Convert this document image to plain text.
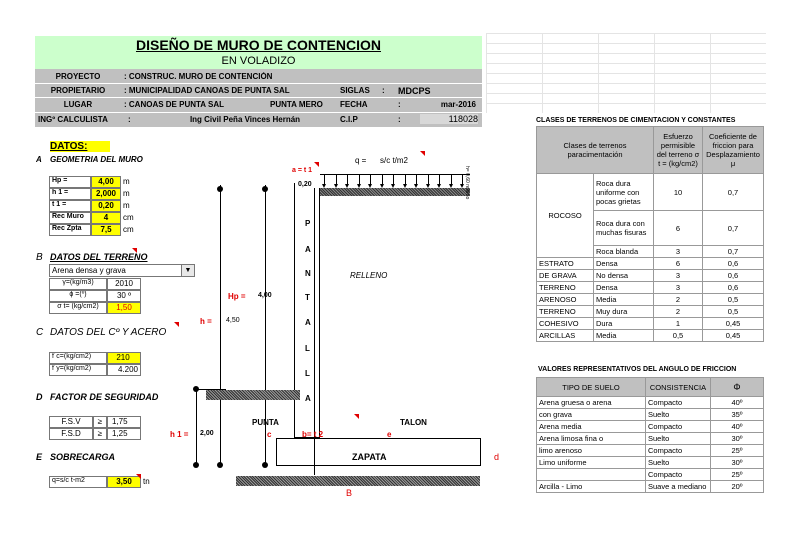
DISEÑO DE MURO DE CONTENCION
EN VOLADIZO
PROYECTO	: CONSTRUC. MURO DE CONTENCIÓN
PROPIETARIO	: MUNICIPALIDAD CANOAS DE PUNTA SAL	SIGLAS	:	MDCPS
LUGAR	: CANOAS DE PUNTA SAL	PUNTA MERO	FECHA	:	mar-2016
INGº CALCULISTA	:	Ing Civil Peña Vinces Hernán	C.I.P	:	118028
DATOS:
A	GEOMETRIA DEL MURO
B DATOS DEL TERRENO
Arena densa y grava	▼
C DATOS DEL Cº Y ACERO
D FACTOR DE SEGURIDAD
E SOBRECARGA
q=s/c t-m2	3,50	tn
a = t 1
q =	s/c t/m2
h= 0,60 relleno
0,20
RELLENO
Hp =	4,00
h =	4,50
PUNTA	TALON
h 1 =	2,00	c	b= t 2	e
ZAPATA	d
B
P
A
N
T
A
L
L
A
CLASES DE TERRENOS DE CIMENTACION Y CONSTANTES
Clases de terrenos paracimentación		Esfuerzo permisible del terreno σ t = (kg/cm2)	Coeficiente de friccion para Desplazamiento μ
ROCOSO	Roca dura uniforme con pocas grietas	10	0,7
	Roca dura con muchas fisuras	6	0,7
	Roca blanda	3	0,7
ESTRATO	Densa	6	0,6
DE GRAVA	No densa	3	0,6
TERRENO	Densa	3	0,6
ARENOSO	Media	2	0,5
TERRENO	Muy dura	2	0,5
COHESIVO	Dura	1	0,45
ARCILLAS	Media	0,5	0,45
VALORES REPRESENTATIVOS DEL ANGULO DE FRICCIÓN
TIPO DE SUELO	CONSISTENCIA	Φ
Arena gruesa o arena	Compacto	40º
con grava	Suelto	35º
Arena media	Compacto	40º
Arena limosa fina o	Suelto	30º
limo arenoso	Compacto	25º
Limo uniforme	Suelto	30º
	Compacto	25º
Arcilla - Limo	Suave a mediano	20º
Hp =	4,00	m
h 1 =	2,000 m
t 1 =	0,20	m
Rec Muro	4	cm
Rec Zpta	7,5	cm
γ=(kg/m3)	2010
ϕ =(º)	30 º
σ t= (kg/cm2)	1,50
f´c=(kg/cm2)	210
f´y=(kg/cm2)	4.200
F.S.V	≥	1,75
F.S.D	≥	1,25
